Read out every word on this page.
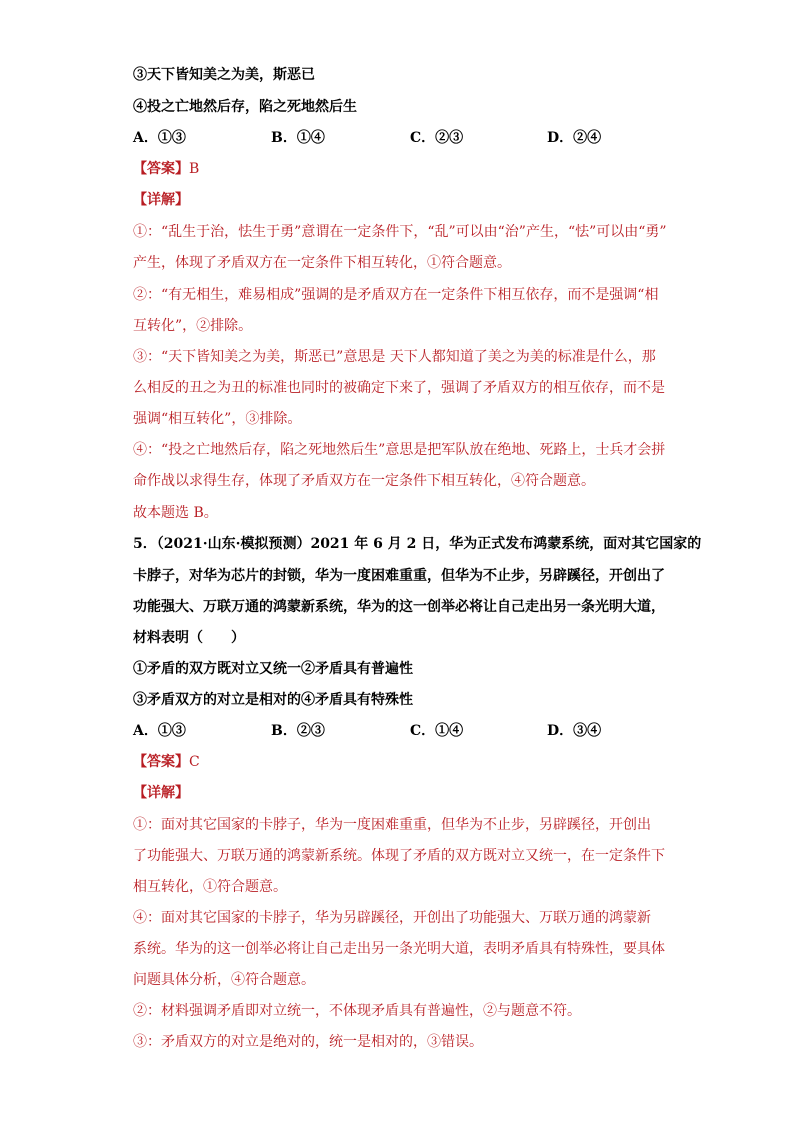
③天下皆知美之为美，斯恶已
④投之亡地然后存，陷之死地然后生
A．①③	B．①④	C．②③	D．②④
【答案】B
【详解】
①：“乱生于治，怯生于勇”意谓在一定条件下，“乱”可以由“治”产生，“怯”可以由“勇”
产生，体现了矛盾双方在一定条件下相互转化，①符合题意。
②：“有无相生，难易相成”强调的是矛盾双方在一定条件下相互依存，而不是强调“相
互转化”，②排除。
③：“天下皆知美之为美，斯恶已”意思是 天下人都知道了美之为美的标准是什么，那
么相反的丑之为丑的标准也同时的被确定下来了，强调了矛盾双方的相互依存，而不是
强调“相互转化”，③排除。
④：“投之亡地然后存，陷之死地然后生”意思是把军队放在绝地、死路上，士兵才会拼
命作战以求得生存，体现了矛盾双方在一定条件下相互转化，④符合题意。
故本题选 B。
5．（2021·山东·模拟预测）2021 年 6 月 2 日，华为正式发布鸿蒙系统，面对其它国家的
卡脖子，对华为芯片的封锁，华为一度困难重重，但华为不止步，另辟蹊径，开创出了
功能强大、万联万通的鸿蒙新系统，华为的这一创举必将让自己走出另一条光明大道，
材料表明（　　）
①矛盾的双方既对立又统一②矛盾具有普遍性
③矛盾双方的对立是相对的④矛盾具有特殊性
A．①③	B．②③	C．①④	D．③④
【答案】C
【详解】
①：面对其它国家的卡脖子，华为一度困难重重，但华为不止步，另辟蹊径，开创出
了功能强大、万联万通的鸿蒙新系统。体现了矛盾的双方既对立又统一，在一定条件下
相互转化，①符合题意。
④：面对其它国家的卡脖子，华为另辟蹊径，开创出了功能强大、万联万通的鸿蒙新
系统。华为的这一创举必将让自己走出另一条光明大道，表明矛盾具有特殊性，要具体
问题具体分析，④符合题意。
②：材料强调矛盾即对立统一，不体现矛盾具有普遍性，②与题意不符。
③：矛盾双方的对立是绝对的，统一是相对的，③错误。
